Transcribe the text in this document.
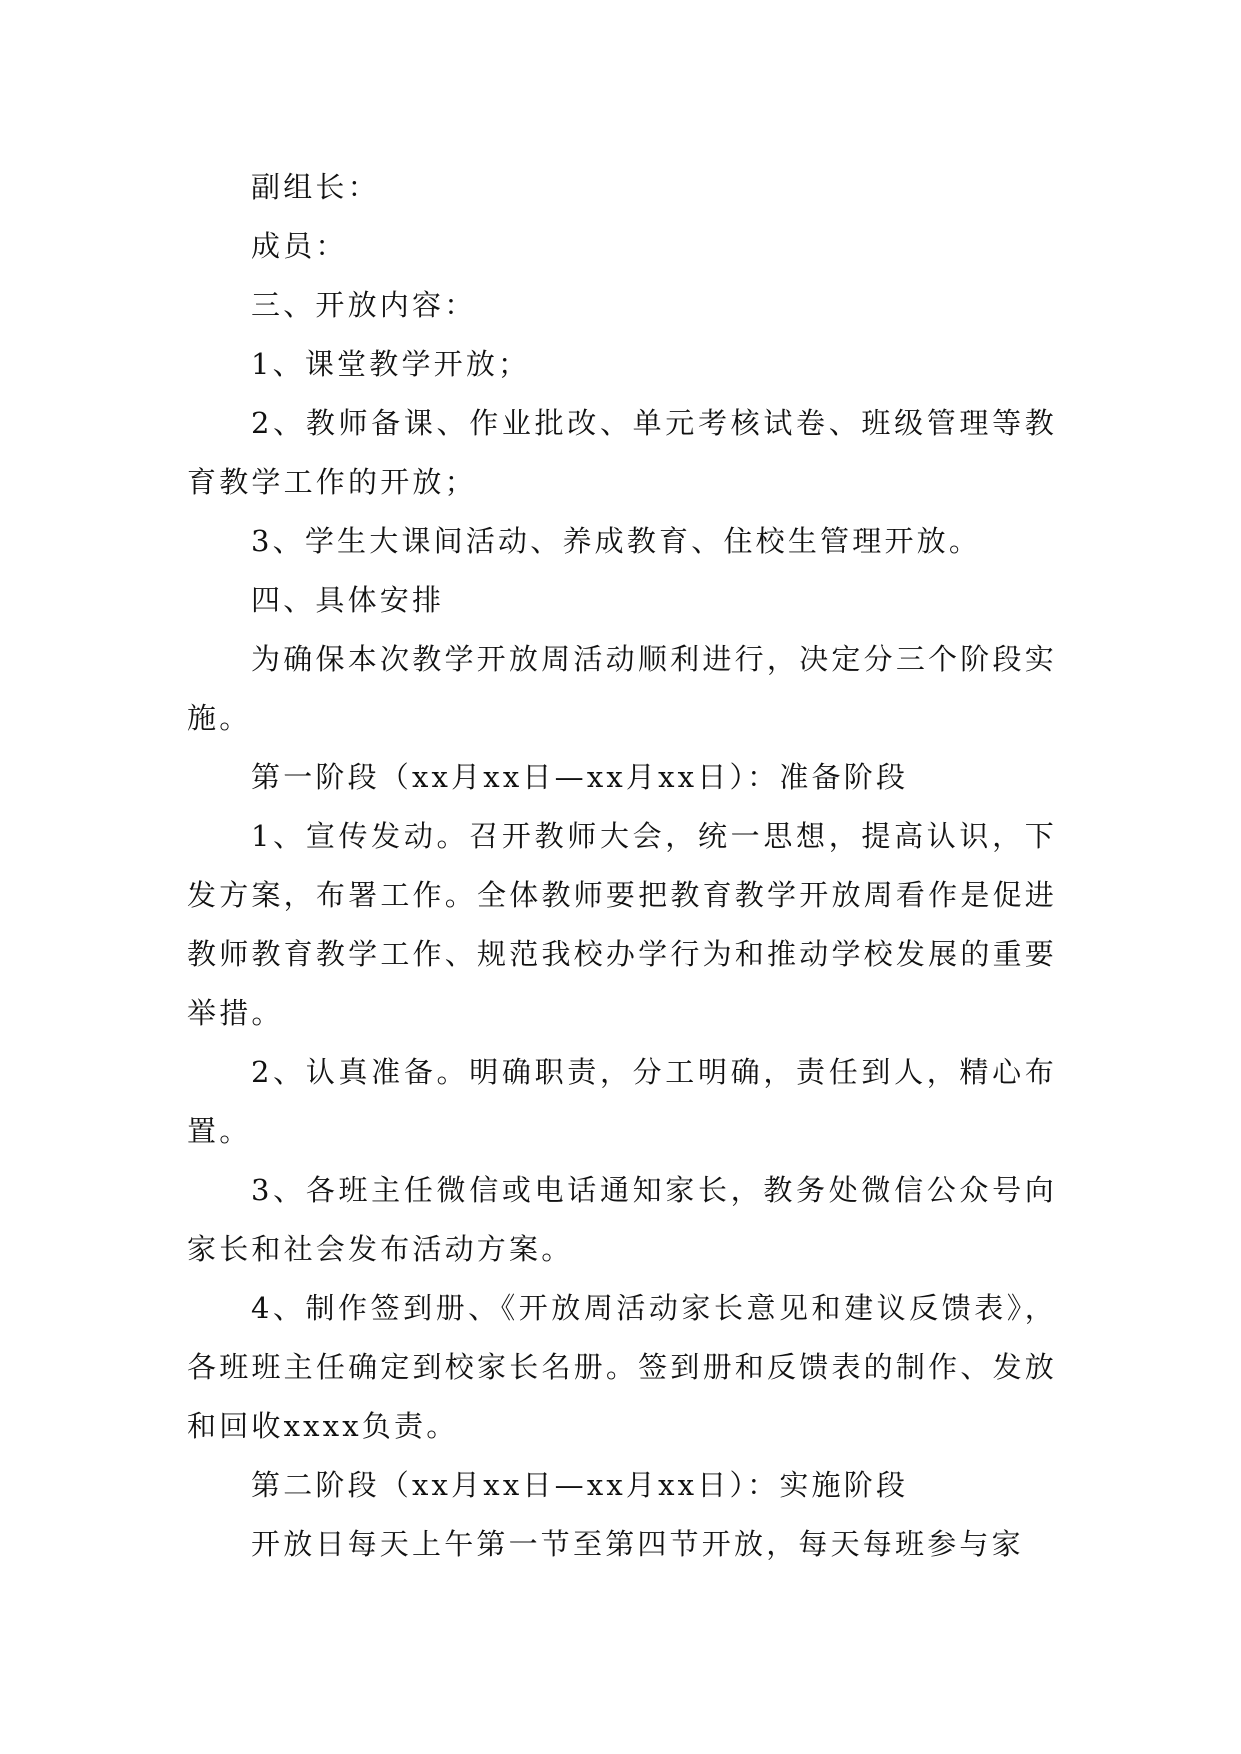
副组长：

成员：

三、开放内容：

1、课堂教学开放；

2、教师备课、作业批改、单元考核试卷、班级管理等教育教学工作的开放；

3、学生大课间活动、养成教育、住校生管理开放。

四、具体安排

为确保本次教学开放周活动顺利进行，决定分三个阶段实施。

第一阶段（xx月xx日—xx月xx日）：准备阶段

1、宣传发动。召开教师大会，统一思想，提高认识，下发方案，布署工作。全体教师要把教育教学开放周看作是促进教师教育教学工作、规范我校办学行为和推动学校发展的重要举措。

2、认真准备。明确职责，分工明确，责任到人，精心布置。

3、各班主任微信或电话通知家长，教务处微信公众号向家长和社会发布活动方案。

4、制作签到册、《开放周活动家长意见和建议反馈表》，各班班主任确定到校家长名册。签到册和反馈表的制作、发放和回收xxxx负责。

第二阶段（xx月xx日—xx月xx日）：实施阶段

开放日每天上午第一节至第四节开放，每天每班参与家
